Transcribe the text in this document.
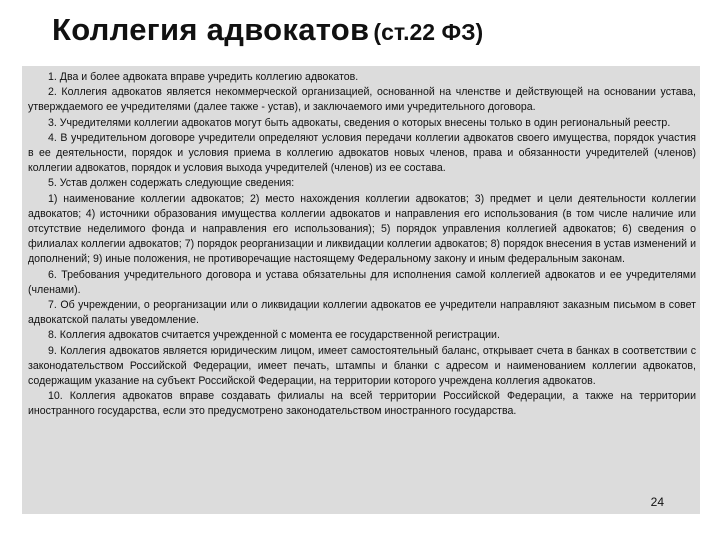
Коллегия адвокатов (ст.22 ФЗ)

1. Два и более адвоката вправе учредить коллегию адвокатов.

2. Коллегия адвокатов является некоммерческой организацией, основанной на членстве и действующей на основании устава, утверждаемого ее учредителями (далее также - устав), и заключаемого ими учредительного договора.

3. Учредителями коллегии адвокатов могут быть адвокаты, сведения о которых внесены только в один региональный реестр.

4. В учредительном договоре учредители определяют условия передачи коллегии адвокатов своего имущества, порядок участия в ее деятельности, порядок и условия приема в коллегию адвокатов новых членов, права и обязанности учредителей (членов) коллегии адвокатов, порядок и условия выхода учредителей (членов) из ее состава.

5. Устав должен содержать следующие сведения:

1) наименование коллегии адвокатов; 2) место нахождения коллегии адвокатов; 3) предмет и цели деятельности коллегии адвокатов; 4) источники образования имущества коллегии адвокатов и направления его использования (в том числе наличие или отсутствие неделимого фонда и направления его использования); 5) порядок управления коллегией адвокатов; 6) сведения о филиалах коллегии адвокатов; 7) порядок реорганизации и ликвидации коллегии адвокатов; 8) порядок внесения в устав изменений и дополнений; 9) иные положения, не противоречащие настоящему Федеральному закону и иным федеральным законам.

6. Требования учредительного договора и устава обязательны для исполнения самой коллегией адвокатов и ее учредителями (членами).

7. Об учреждении, о реорганизации или о ликвидации коллегии адвокатов ее учредители направляют заказным письмом в совет адвокатской палаты уведомление.

8. Коллегия адвокатов считается учрежденной с момента ее государственной регистрации.

9. Коллегия адвокатов является юридическим лицом, имеет самостоятельный баланс, открывает счета в банках в соответствии с законодательством Российской Федерации, имеет печать, штампы и бланки с адресом и наименованием коллегии адвокатов, содержащим указание на субъект Российской Федерации, на территории которого учреждена коллегия адвокатов.

10. Коллегия адвокатов вправе создавать филиалы на всей территории Российской Федерации, а также на территории иностранного государства, если это предусмотрено законодательством иностранного государства.

24
